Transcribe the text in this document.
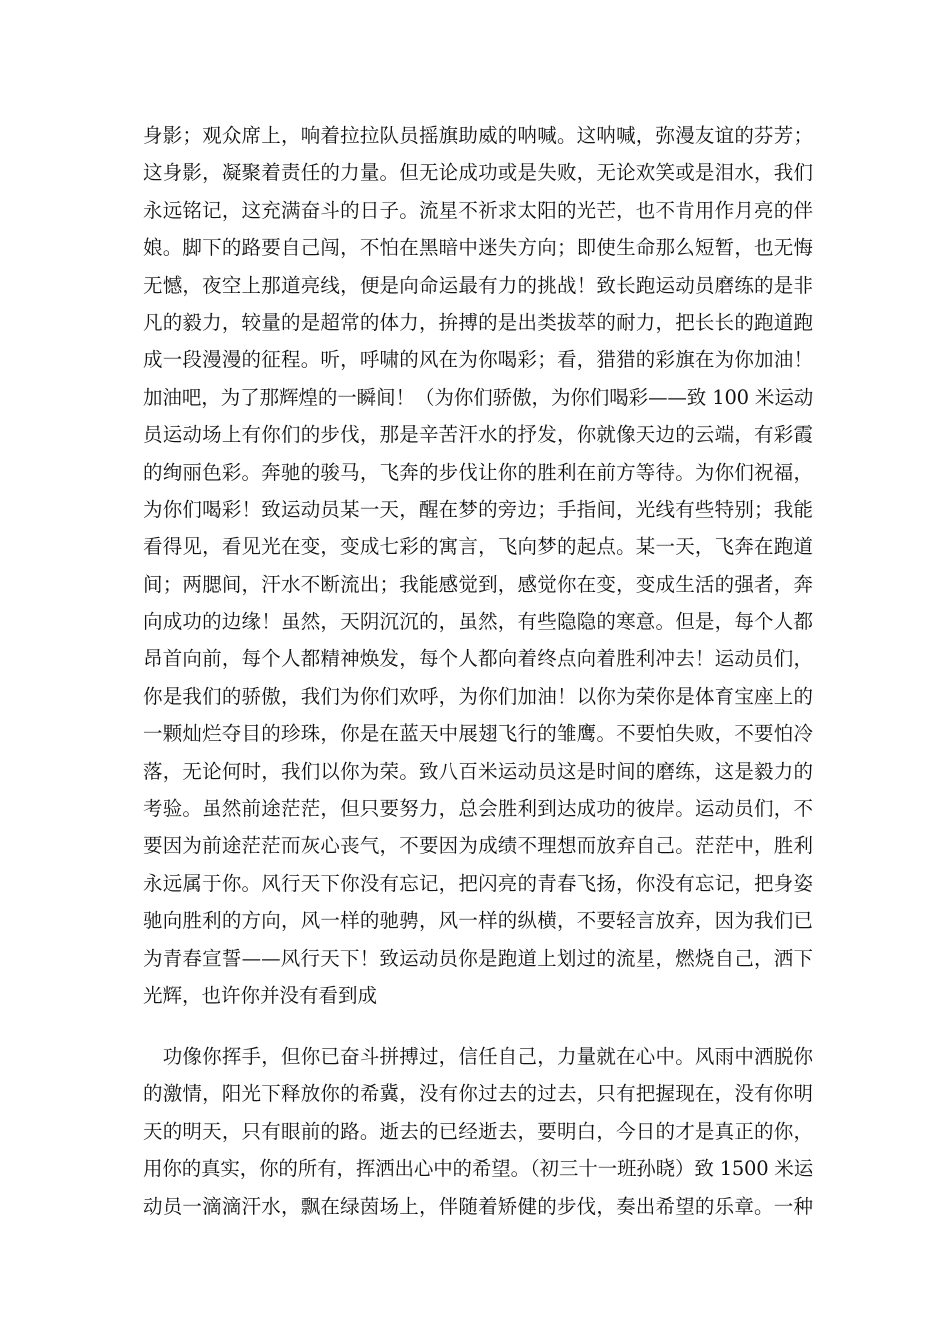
身影；观众席上，响着拉拉队员摇旗助威的呐喊。这呐喊，弥漫友谊的芬芳；
这身影，凝聚着责任的力量。但无论成功或是失败，无论欢笑或是泪水，我们
永远铭记，这充满奋斗的日子。流星不祈求太阳的光芒，也不肯用作月亮的伴
娘。脚下的路要自己闯，不怕在黑暗中迷失方向；即使生命那么短暂，也无悔
无憾，夜空上那道亮线，便是向命运最有力的挑战！致长跑运动员磨练的是非
凡的毅力，较量的是超常的体力，拚搏的是出类拔萃的耐力，把长长的跑道跑
成一段漫漫的征程。听，呼啸的风在为你喝彩；看，猎猎的彩旗在为你加油！
加油吧，为了那辉煌的一瞬间！（为你们骄傲，为你们喝彩——致 100 米运动
员运动场上有你们的步伐，那是辛苦汗水的抒发，你就像天边的云端，有彩霞
的绚丽色彩。奔驰的骏马，飞奔的步伐让你的胜利在前方等待。为你们祝福，
为你们喝彩！致运动员某一天，醒在梦的旁边；手指间，光线有些特别；我能
看得见，看见光在变，变成七彩的寓言，飞向梦的起点。某一天，飞奔在跑道
间；两腮间，汗水不断流出；我能感觉到，感觉你在变，变成生活的强者，奔
向成功的边缘！虽然，天阴沉沉的，虽然，有些隐隐的寒意。但是，每个人都
昂首向前，每个人都精神焕发，每个人都向着终点向着胜利冲去！运动员们，
你是我们的骄傲，我们为你们欢呼，为你们加油！以你为荣你是体育宝座上的
一颗灿烂夺目的珍珠，你是在蓝天中展翅飞行的雏鹰。不要怕失败，不要怕冷
落，无论何时，我们以你为荣。致八百米运动员这是时间的磨练，这是毅力的
考验。虽然前途茫茫，但只要努力，总会胜利到达成功的彼岸。运动员们，不
要因为前途茫茫而灰心丧气，不要因为成绩不理想而放弃自己。茫茫中，胜利
永远属于你。风行天下你没有忘记，把闪亮的青春飞扬，你没有忘记，把身姿
驰向胜利的方向，风一样的驰骋，风一样的纵横，不要轻言放弃，因为我们已
为青春宣誓——风行天下！致运动员你是跑道上划过的流星，燃烧自己，洒下
光辉，也许你并没有看到成
　功像你挥手，但你已奋斗拼搏过，信任自己，力量就在心中。风雨中洒脱你
的激情，阳光下释放你的希冀，没有你过去的过去，只有把握现在，没有你明
天的明天，只有眼前的路。逝去的已经逝去，要明白，今日的才是真正的你，
用你的真实，你的所有，挥洒出心中的希望。（初三十一班孙晓）致 1500 米运
动员一滴滴汗水，飘在绿茵场上，伴随着矫健的步伐，奏出希望的乐章。一种
